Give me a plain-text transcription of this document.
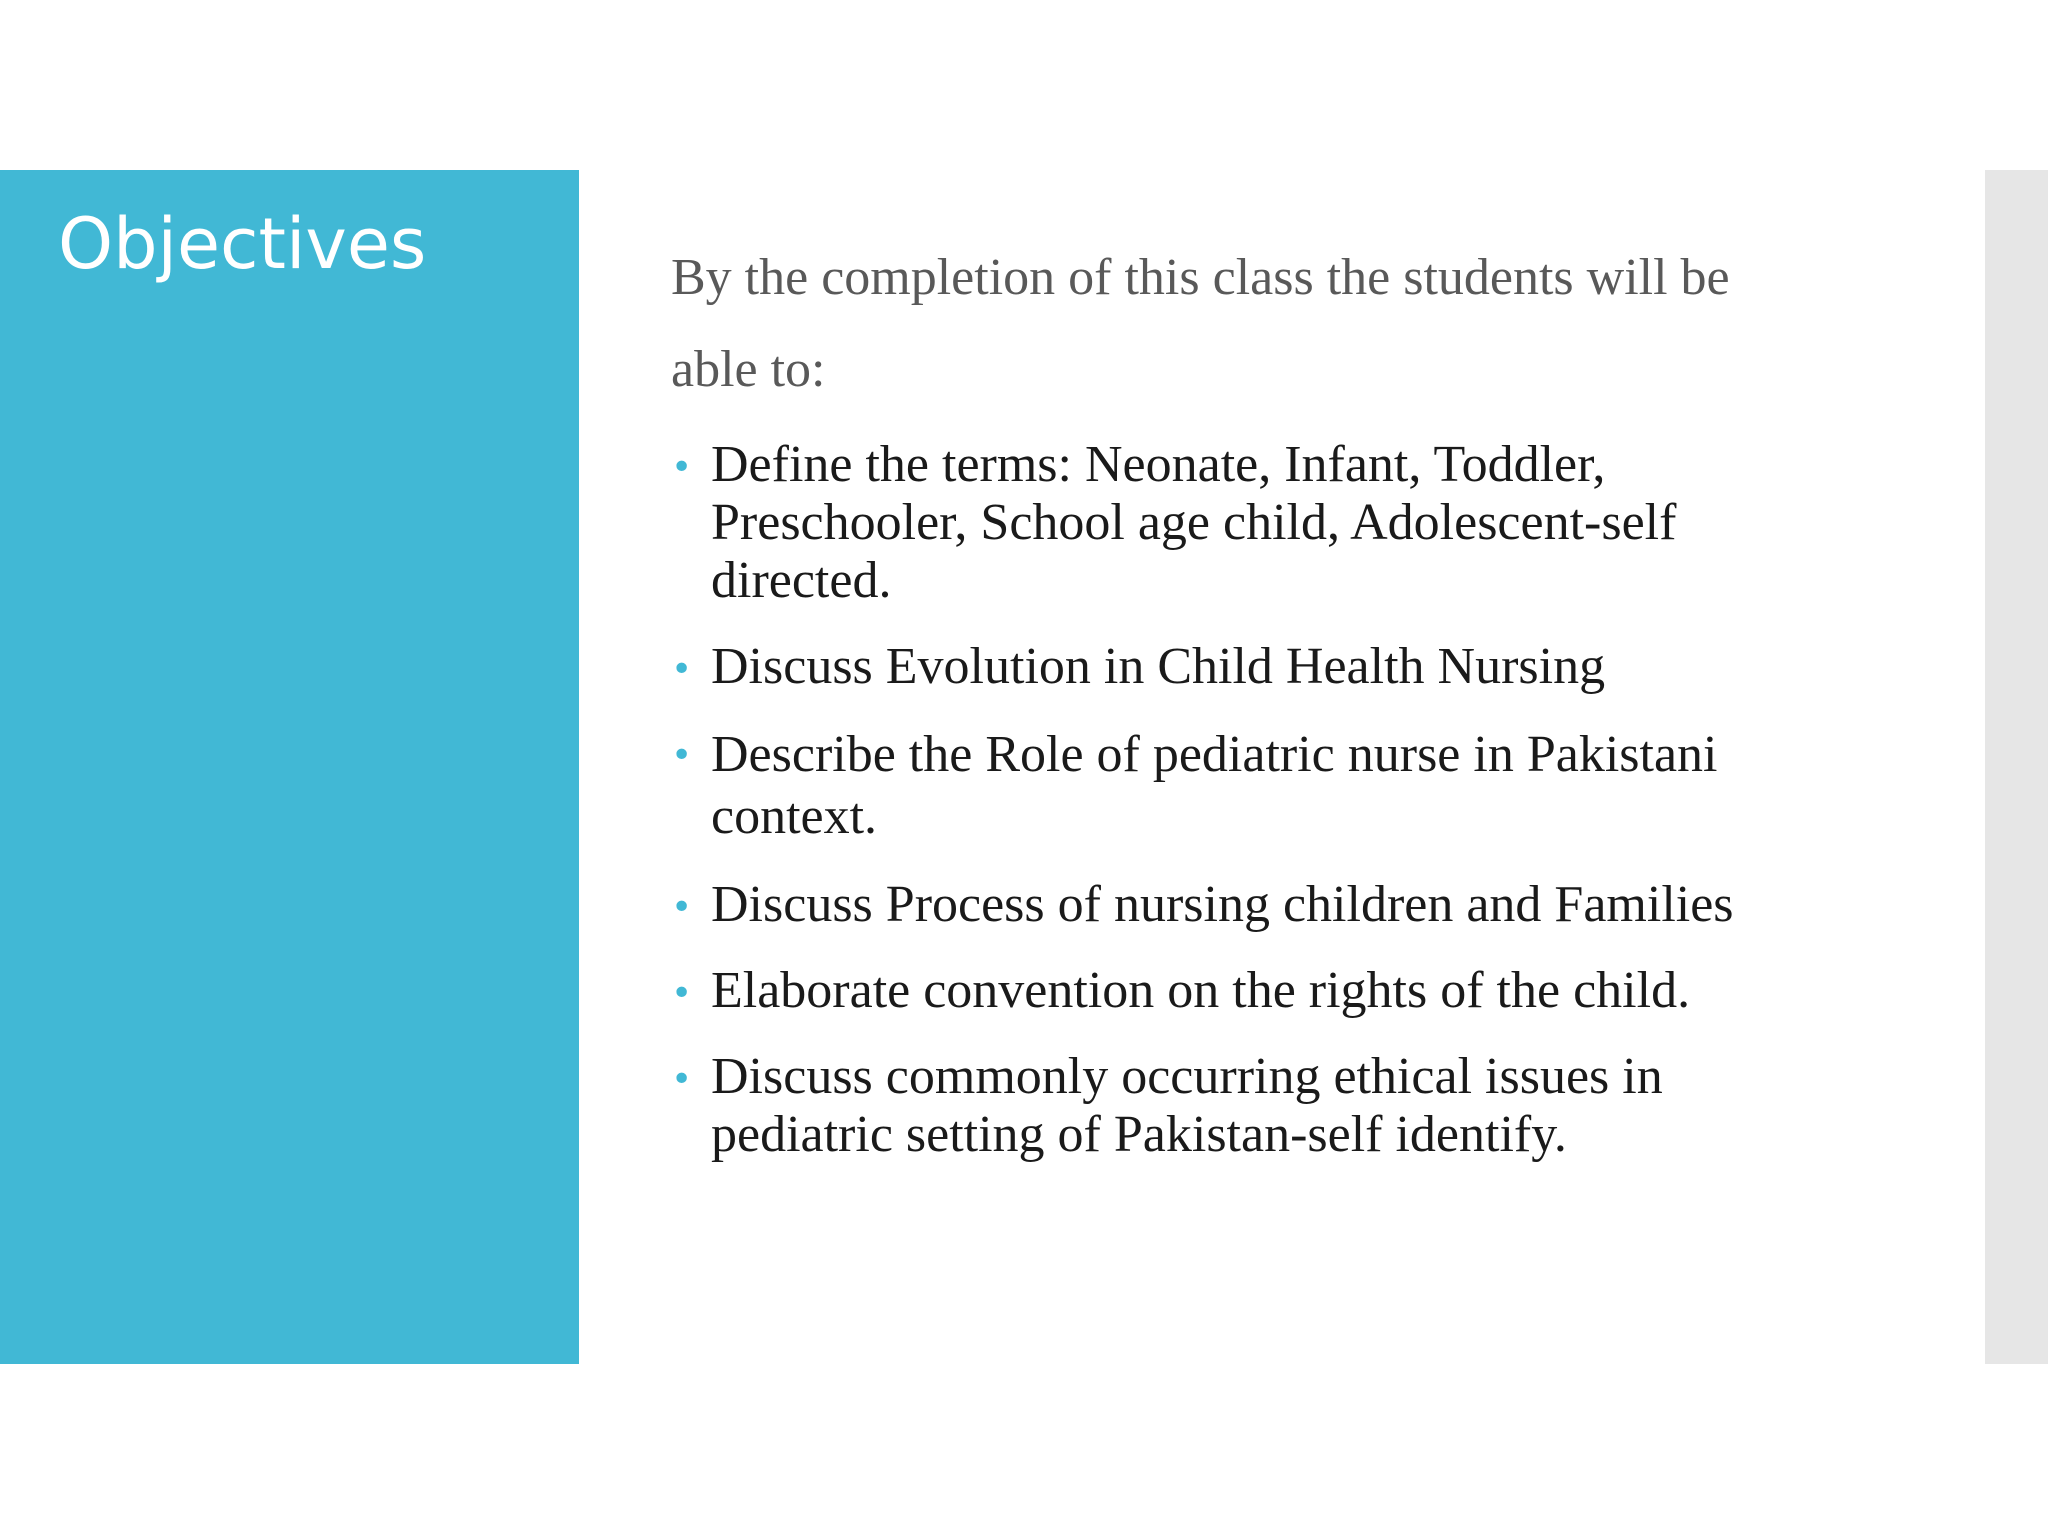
Objectives	By the completion of this class the students will be able to:

• Define the terms: Neonate, Infant, Toddler, Preschooler, School age child, Adolescent-self directed.
• Discuss Evolution in Child Health Nursing
• Describe the Role of pediatric nurse in Pakistani context.
• Discuss Process of nursing children and Families
• Elaborate convention on the rights of the child.
• Discuss commonly occurring ethical issues in pediatric setting of Pakistan-self identify.
